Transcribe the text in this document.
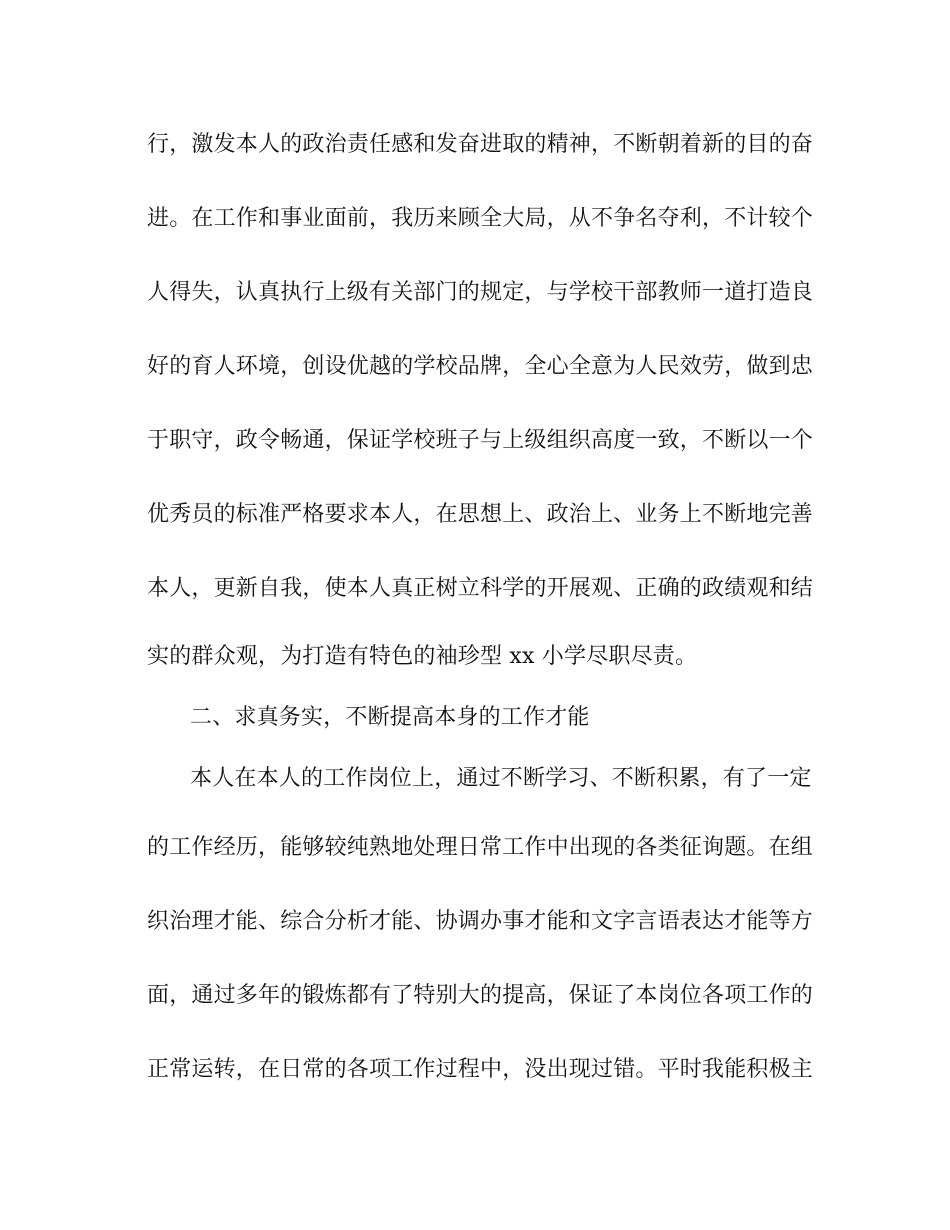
行，激发本人的政治责任感和发奋进取的精神，不断朝着新的目的奋
进。在工作和事业面前，我历来顾全大局，从不争名夺利，不计较个
人得失，认真执行上级有关部门的规定，与学校干部教师一道打造良
好的育人环境，创设优越的学校品牌，全心全意为人民效劳，做到忠
于职守，政令畅通，保证学校班子与上级组织高度一致，不断以一个
优秀员的标准严格要求本人，在思想上、政治上、业务上不断地完善
本人，更新自我，使本人真正树立科学的开展观、正确的政绩观和结
实的群众观，为打造有特色的袖珍型 xx 小学尽职尽责。
二、求真务实，不断提高本身的工作才能
本人在本人的工作岗位上，通过不断学习、不断积累，有了一定
的工作经历，能够较纯熟地处理日常工作中出现的各类征询题。在组
织治理才能、综合分析才能、协调办事才能和文字言语表达才能等方
面，通过多年的锻炼都有了特别大的提高，保证了本岗位各项工作的
正常运转，在日常的各项工作过程中，没出现过错。平时我能积极主
